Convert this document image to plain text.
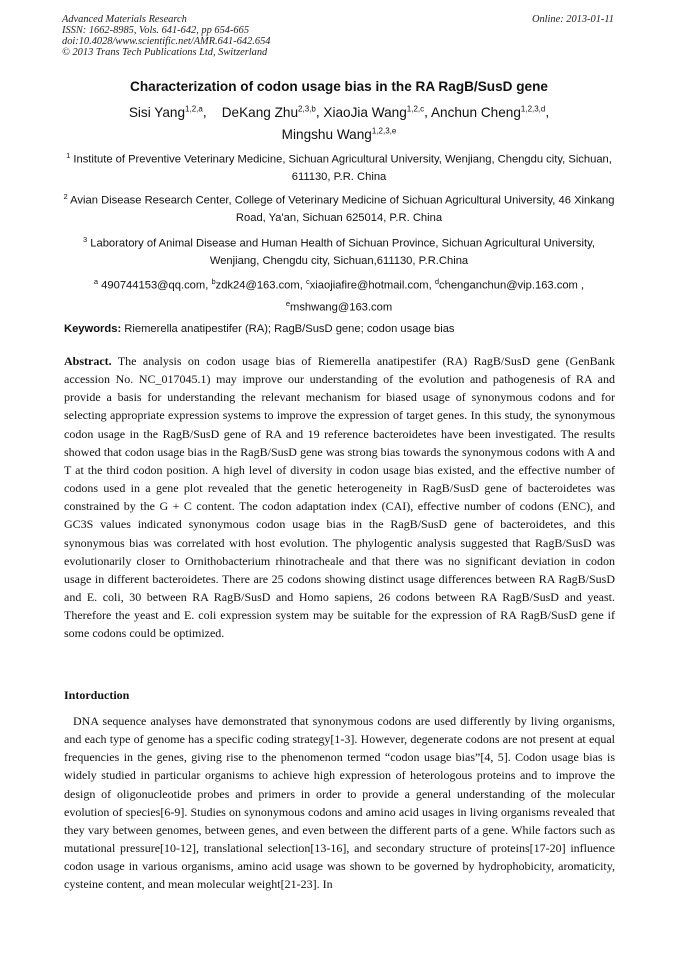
Advanced Materials Research
ISSN: 1662-8985, Vols. 641-642, pp 654-665
doi:10.4028/www.scientific.net/AMR.641-642.654
© 2013 Trans Tech Publications Ltd, Switzerland
Online: 2013-01-11
Characterization of codon usage bias in the RA RagB/SusD gene
Sisi Yang$^{1,2,a}$,    DeKang Zhu$^{2,3,b}$, XiaoJia Wang$^{1,2,c}$, Anchun Cheng$^{1,2,3,d}$,
Mingshu Wang$^{1,2,3,e}$
$^1$ Institute of Preventive Veterinary Medicine, Sichuan Agricultural University, Wenjiang, Chengdu city, Sichuan, 611130, P.R. China
$^2$ Avian Disease Research Center, College of Veterinary Medicine of Sichuan Agricultural University, 46 Xinkang Road, Ya'an, Sichuan 625014, P.R. China
$^3$ Laboratory of Animal Disease and Human Health of Sichuan Province, Sichuan Agricultural University, Wenjiang, Chengdu city, Sichuan,611130, P.R.China
$^a$ 490744153@qq.com, $^b$zdk24@163.com, $^c$xiaojiafire@hotmail.com, $^d$chenganchun@vip.163.com ,
$^e$mshwang@163.com
Keywords: Riemerella anatipestifer (RA); RagB/SusD gene; codon usage bias
Abstract. The analysis on codon usage bias of Riemerella anatipestifer (RA) RagB/SusD gene (GenBank accession No. NC_017045.1) may improve our understanding of the evolution and pathogenesis of RA and provide a basis for understanding the relevant mechanism for biased usage of synonymous codons and for selecting appropriate expression systems to improve the expression of target genes. In this study, the synonymous codon usage in the RagB/SusD gene of RA and 19 reference bacteroidetes have been investigated. The results showed that codon usage bias in the RagB/SusD gene was strong bias towards the synonymous codons with A and T at the third codon position. A high level of diversity in codon usage bias existed, and the effective number of codons used in a gene plot revealed that the genetic heterogeneity in RagB/SusD gene of bacteroidetes was constrained by the G + C content. The codon adaptation index (CAI), effective number of codons (ENC), and GC3S values indicated synonymous codon usage bias in the RagB/SusD gene of bacteroidetes, and this synonymous bias was correlated with host evolution. The phylogentic analysis suggested that RagB/SusD was evolutionarily closer to Ornithobacterium rhinotracheale and that there was no significant deviation in codon usage in different bacteroidetes. There are 25 codons showing distinct usage differences between RA RagB/SusD and E. coli, 30 between RA RagB/SusD and Homo sapiens, 26 codons between RA RagB/SusD and yeast. Therefore the yeast and E. coli expression system may be suitable for the expression of RA RagB/SusD gene if some codons could be optimized.
Intorduction
DNA sequence analyses have demonstrated that synonymous codons are used differently by living organisms, and each type of genome has a specific coding strategy[1-3]. However, degenerate codons are not present at equal frequencies in the genes, giving rise to the phenomenon termed “codon usage bias”[4, 5]. Codon usage bias is widely studied in particular organisms to achieve high expression of heterologous proteins and to improve the design of oligonucleotide probes and primers in order to provide a general understanding of the molecular evolution of species[6-9]. Studies on synonymous codons and amino acid usages in living organisms revealed that they vary between genomes, between genes, and even between the different parts of a gene. While factors such as mutational pressure[10-12], translational selection[13-16], and secondary structure of proteins[17-20] influence codon usage in various organisms, amino acid usage was shown to be governed by hydrophobicity, aromaticity, cysteine content, and mean molecular weight[21-23]. In
